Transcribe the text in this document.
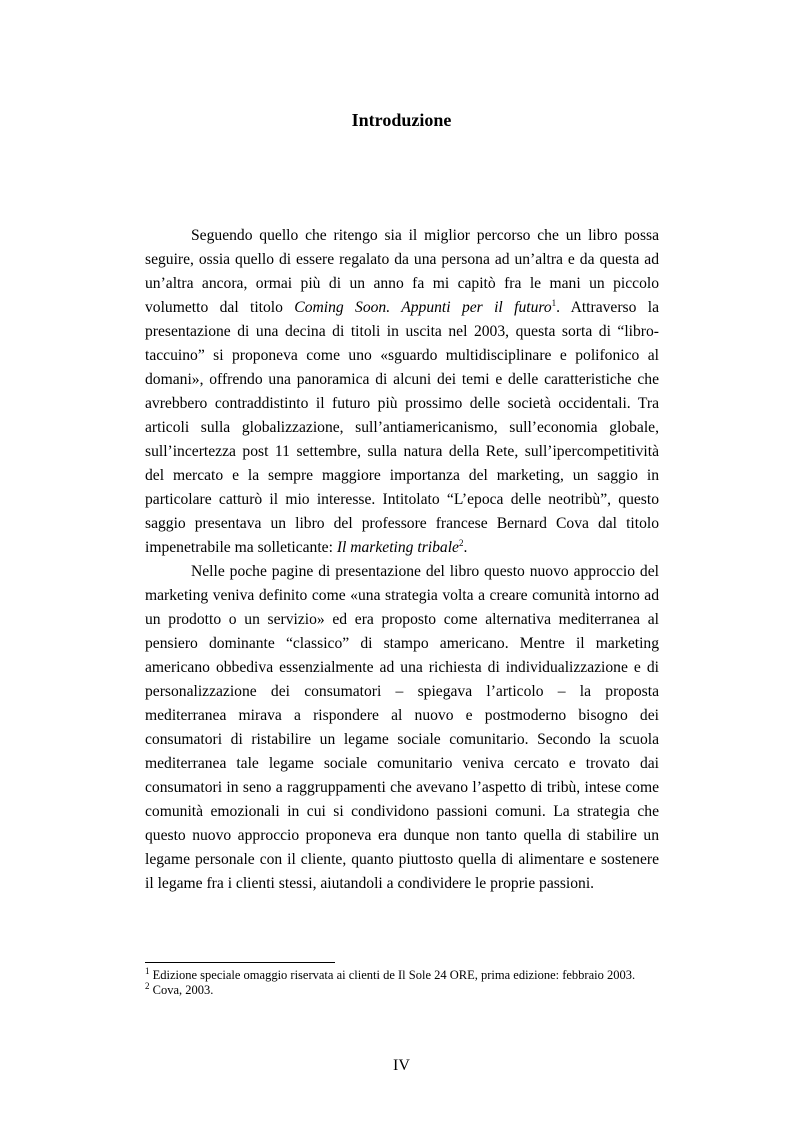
Introduzione

Seguendo quello che ritengo sia il miglior percorso che un libro possa seguire, ossia quello di essere regalato da una persona ad un’altra e da questa ad un’altra ancora, ormai più di un anno fa mi capitò fra le mani un piccolo volumetto dal titolo Coming Soon. Appunti per il futuro$^1$. Attraverso la presentazione di una decina di titoli in uscita nel 2003, questa sorta di “libro-taccuino” si proponeva come uno «sguardo multidisciplinare e polifonico al domani», offrendo una panoramica di alcuni dei temi e delle caratteristiche che avrebbero contraddistinto il futuro più prossimo delle società occidentali. Tra articoli sulla globalizzazione, sull’antiamericanismo, sull’economia globale, sull’incertezza post 11 settembre, sulla natura della Rete, sull’ipercompetitività del mercato e la sempre maggiore importanza del marketing, un saggio in particolare catturò il mio interesse. Intitolato “L’epoca delle neotribù”, questo saggio presentava un libro del professore francese Bernard Cova dal titolo impenetrabile ma solleticante: Il marketing tribale$^2$.

Nelle poche pagine di presentazione del libro questo nuovo approccio del marketing veniva definito come «una strategia volta a creare comunità intorno ad un prodotto o un servizio» ed era proposto come alternativa mediterranea al pensiero dominante “classico” di stampo americano. Mentre il marketing americano obbediva essenzialmente ad una richiesta di individualizzazione e di personalizzazione dei consumatori – spiegava l’articolo – la proposta mediterranea mirava a rispondere al nuovo e postmoderno bisogno dei consumatori di ristabilire un legame sociale comunitario. Secondo la scuola mediterranea tale legame sociale comunitario veniva cercato e trovato dai consumatori in seno a raggruppamenti che avevano l’aspetto di tribù, intese come comunità emozionali in cui si condividono passioni comuni. La strategia che questo nuovo approccio proponeva era dunque non tanto quella di stabilire un legame personale con il cliente, quanto piuttosto quella di alimentare e sostenere il legame fra i clienti stessi, aiutandoli a condividere le proprie passioni.

$^1$ Edizione speciale omaggio riservata ai clienti de Il Sole 24 ORE, prima edizione: febbraio 2003.

$^2$ Cova, 2003.

IV
